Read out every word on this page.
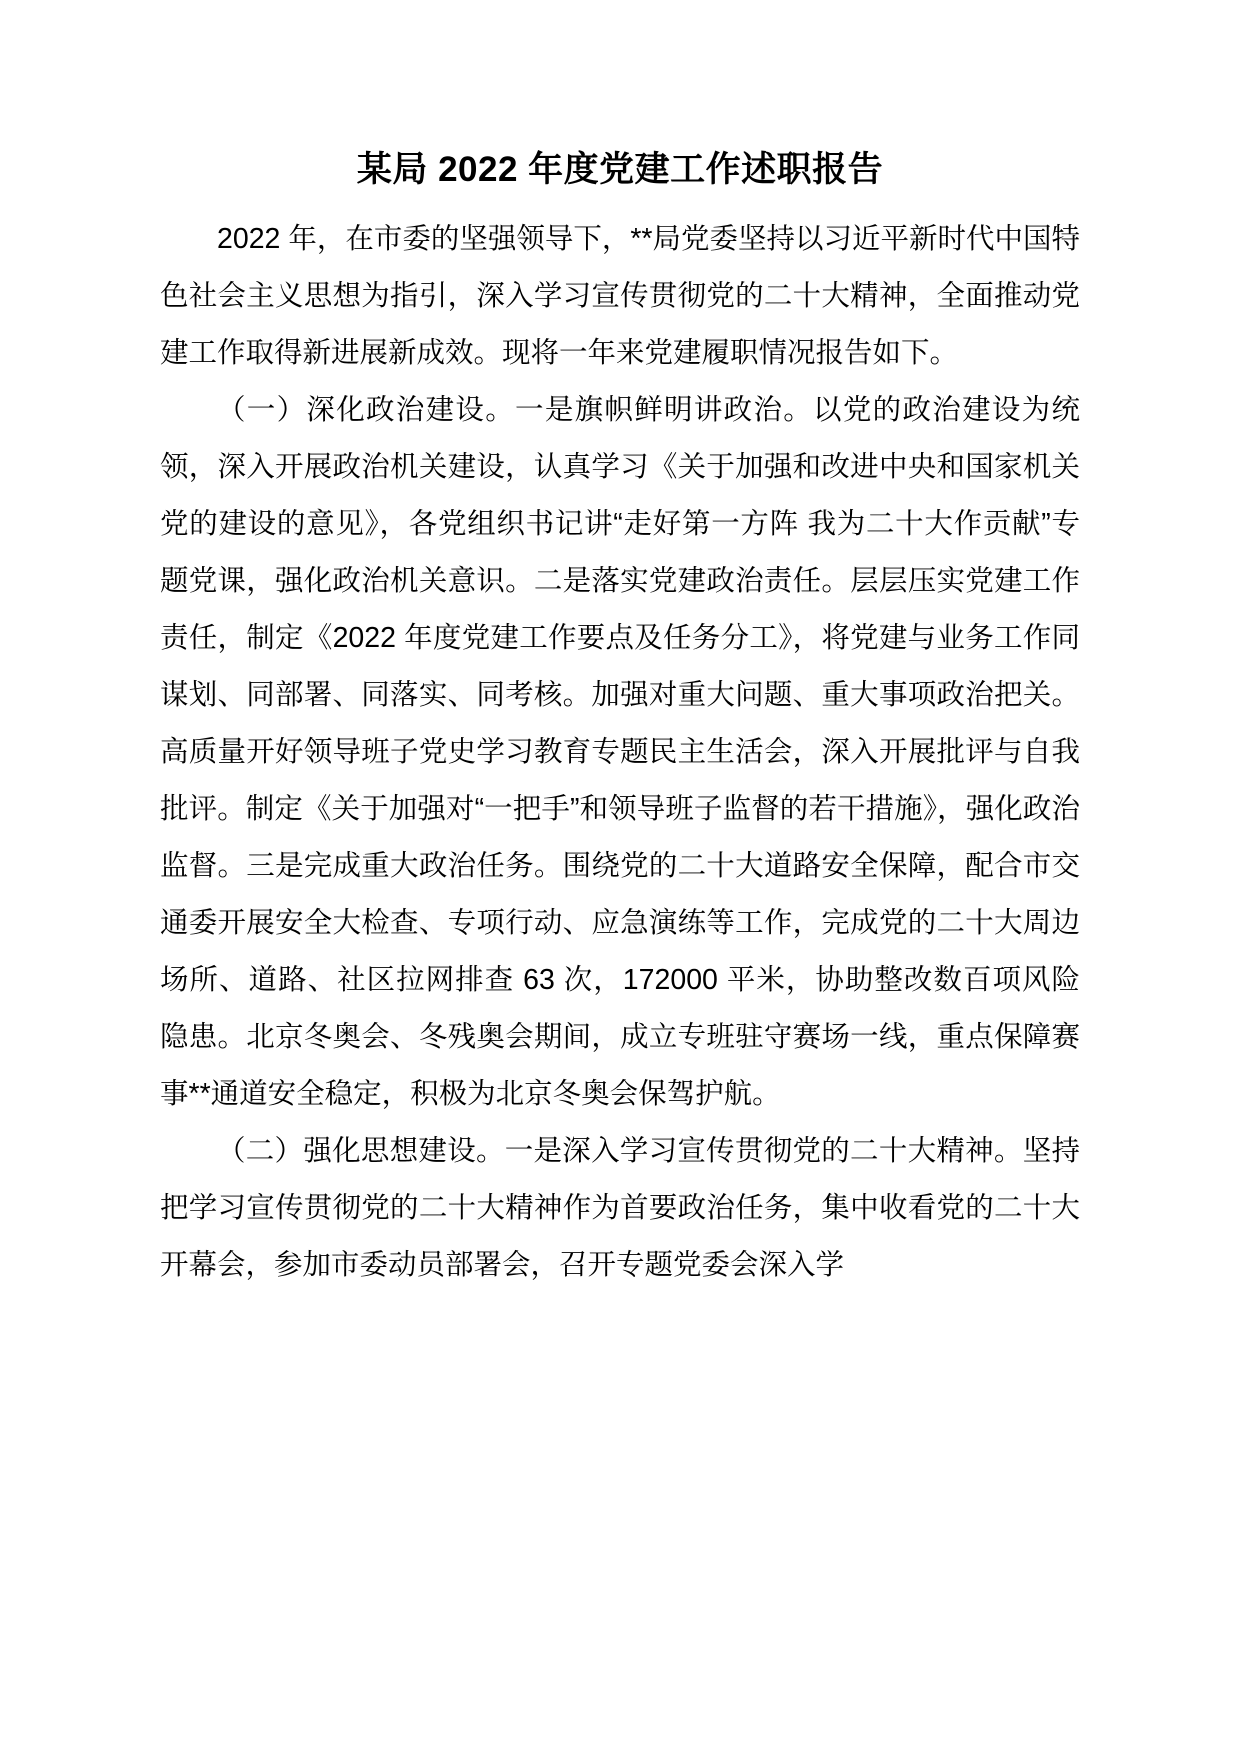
某局 2022 年度党建工作述职报告

2022 年，在市委的坚强领导下，**局党委坚持以习近平新时代中国特色社会主义思想为指引，深入学习宣传贯彻党的二十大精神，全面推动党建工作取得新进展新成效。现将一年来党建履职情况报告如下。

（一）深化政治建设。一是旗帜鲜明讲政治。以党的政治建设为统领，深入开展政治机关建设，认真学习《关于加强和改进中央和国家机关党的建设的意见》，各党组织书记讲“走好第一方阵 我为二十大作贡献”专题党课，强化政治机关意识。二是落实党建政治责任。层层压实党建工作责任，制定《2022 年度党建工作要点及任务分工》，将党建与业务工作同谋划、同部署、同落实、同考核。加强对重大问题、重大事项政治把关。高质量开好领导班子党史学习教育专题民主生活会，深入开展批评与自我批评。制定《关于加强对“一把手”和领导班子监督的若干措施》，强化政治监督。三是完成重大政治任务。围绕党的二十大道路安全保障，配合市交通委开展安全大检查、专项行动、应急演练等工作，完成党的二十大周边场所、道路、社区拉网排查 63 次，172000 平米，协助整改数百项风险隐患。北京冬奥会、冬残奥会期间，成立专班驻守赛场一线，重点保障赛事**通道安全稳定，积极为北京冬奥会保驾护航。

（二）强化思想建设。一是深入学习宣传贯彻党的二十大精神。坚持把学习宣传贯彻党的二十大精神作为首要政治任务，集中收看党的二十大开幕会，参加市委动员部署会，召开专题党委会深入学
